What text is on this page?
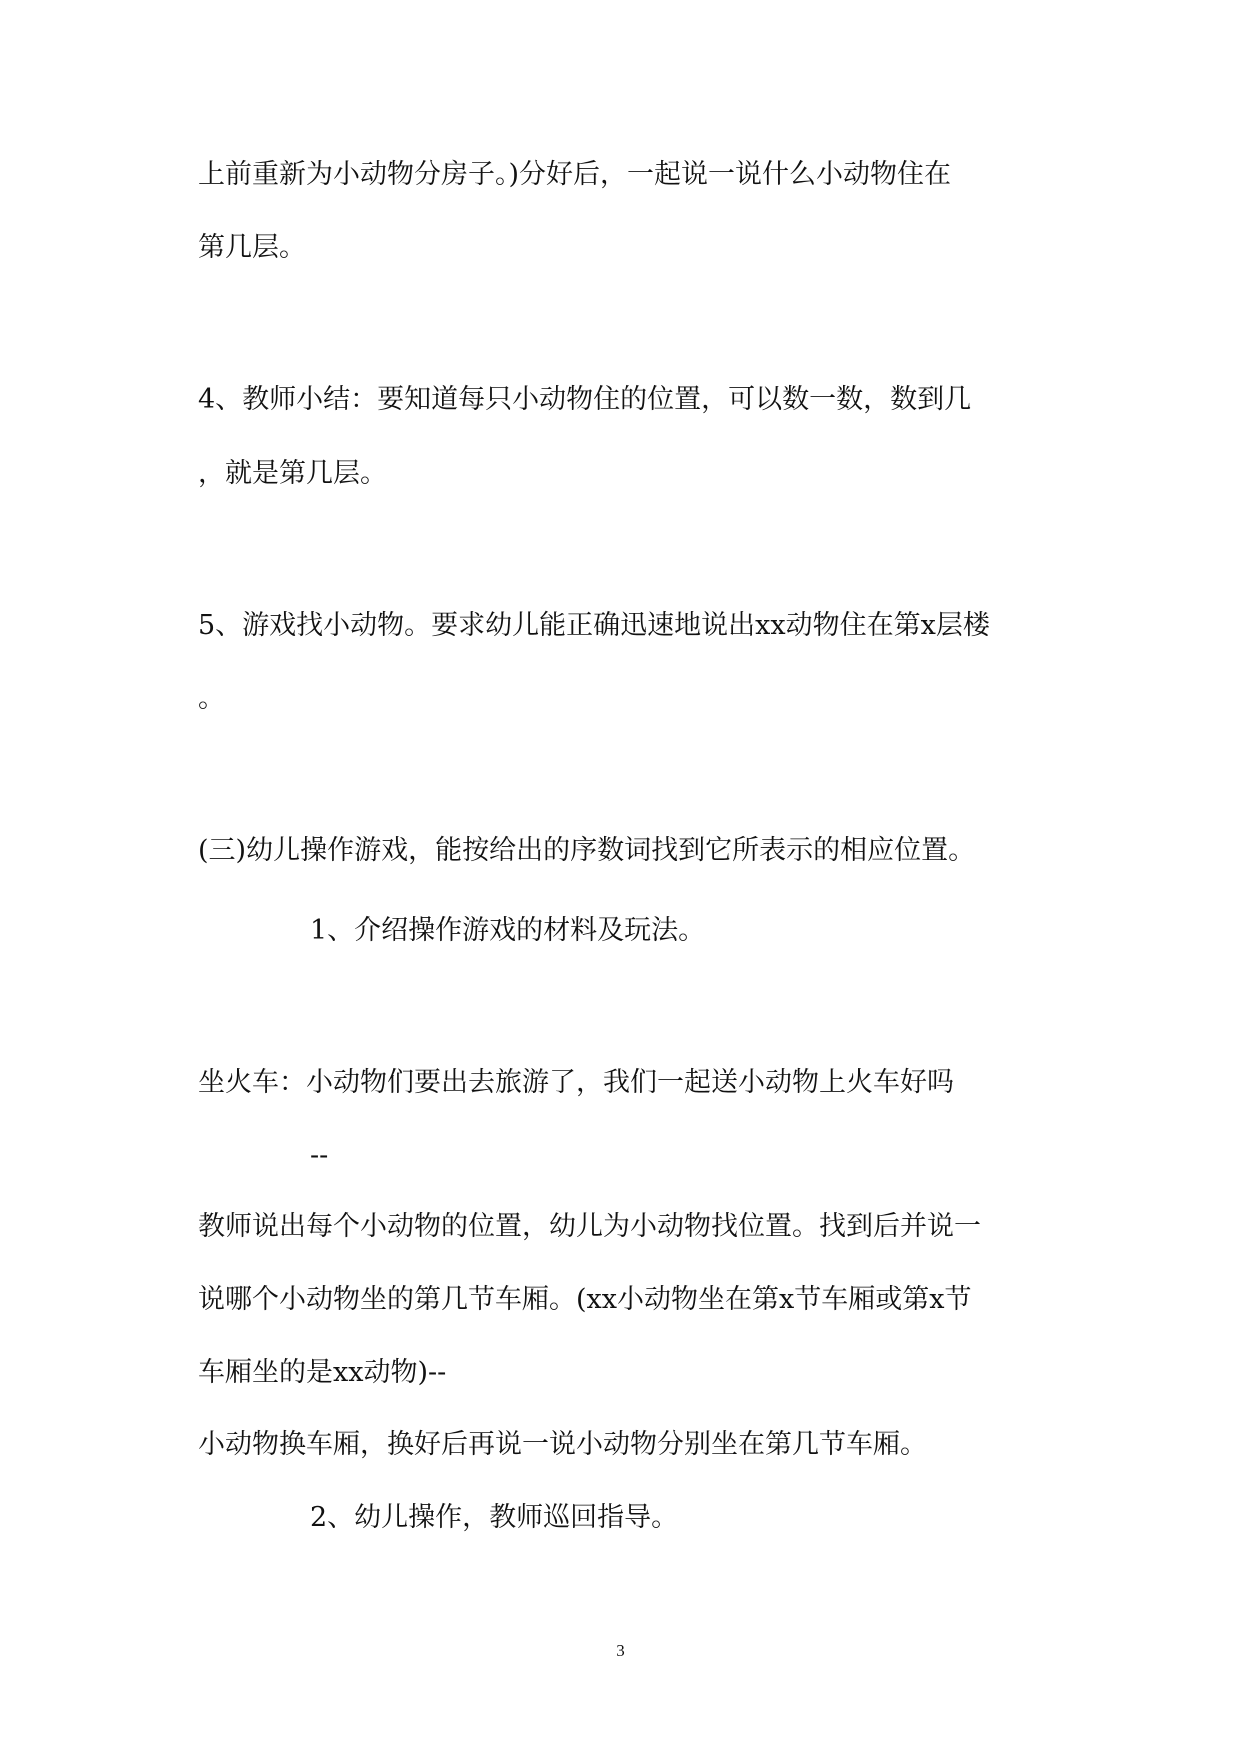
上前重新为小动物分房子。)分好后，一起说一说什么小动物住在
第几层。
4、教师小结：要知道每只小动物住的位置，可以数一数，数到几
，就是第几层。
5、游戏找小动物。要求幼儿能正确迅速地说出xx动物住在第x层楼
。
(三)幼儿操作游戏，能按给出的序数词找到它所表示的相应位置。
1、介绍操作游戏的材料及玩法。
坐火车：小动物们要出去旅游了，我们一起送小动物上火车好吗
--
教师说出每个小动物的位置，幼儿为小动物找位置。找到后并说一
说哪个小动物坐的第几节车厢。(xx小动物坐在第x节车厢或第x节
车厢坐的是xx动物)--
小动物换车厢，换好后再说一说小动物分别坐在第几节车厢。
2、幼儿操作，教师巡回指导。
3
